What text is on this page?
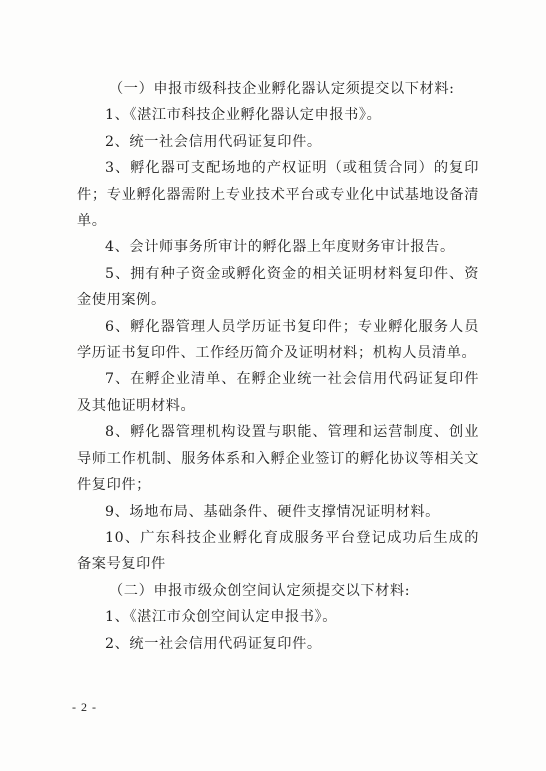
（一）申报市级科技企业孵化器认定须提交以下材料:

1、《湛江市科技企业孵化器认定申报书》。

2、统一社会信用代码证复印件。

3、孵化器可支配场地的产权证明（或租赁合同）的复印件；专业孵化器需附上专业技术平台或专业化中试基地设备清单。

4、会计师事务所审计的孵化器上年度财务审计报告。

5、拥有种子资金或孵化资金的相关证明材料复印件、资金使用案例。

6、孵化器管理人员学历证书复印件；专业孵化服务人员学历证书复印件、工作经历简介及证明材料；机构人员清单。

7、在孵企业清单、在孵企业统一社会信用代码证复印件及其他证明材料。

8、孵化器管理机构设置与职能、管理和运营制度、创业导师工作机制、服务体系和入孵企业签订的孵化协议等相关文件复印件；

9、场地布局、基础条件、硬件支撑情况证明材料。

10、广东科技企业孵化育成服务平台登记成功后生成的备案号复印件

（二）申报市级众创空间认定须提交以下材料:

1、《湛江市众创空间认定申报书》。

2、统一社会信用代码证复印件。

- 2 -
